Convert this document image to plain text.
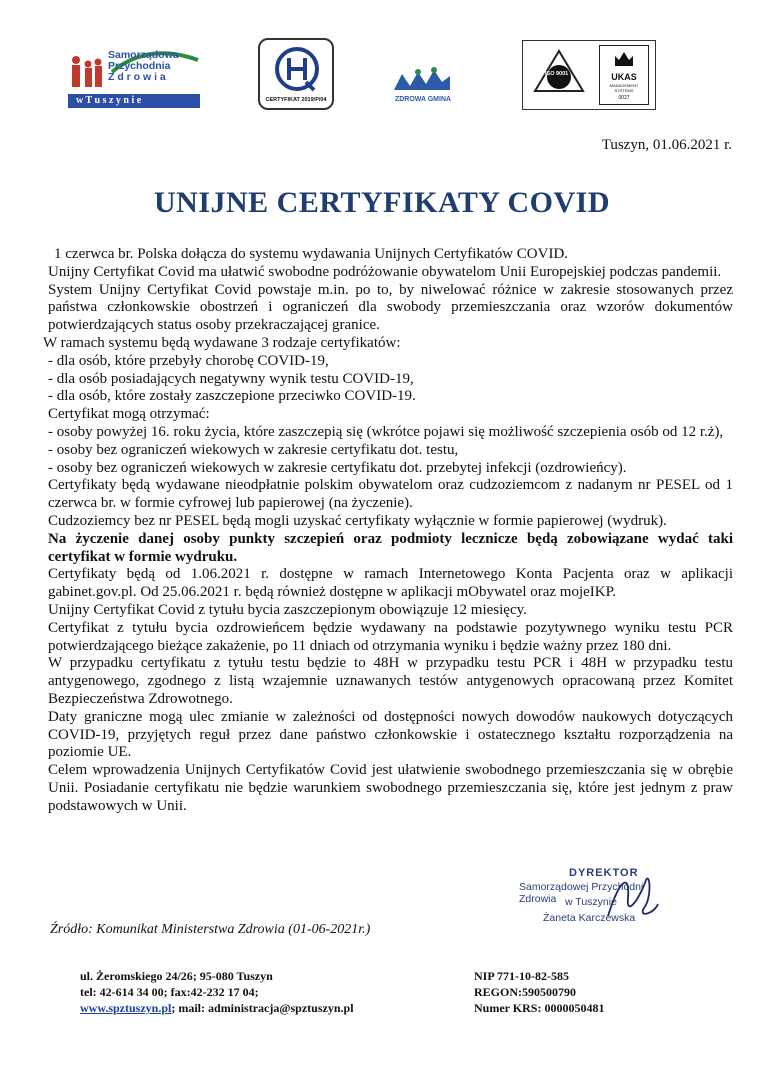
Samorządowa
Przychodnia
Z d r o w i a
w T u s z y n i e	CERTYFIKAT 2019/P/04	ZDROWA GMINA
ISO 9001	UKAS
MANAGEMENT SYSTEMS
0027
Tuszyn, 01.06.2021 r.
UNIJNE CERTYFIKATY COVID

1 czerwca br. Polska dołącza do systemu wydawania Unijnych Certyfikatów COVID.

Unijny Certyfikat Covid ma ułatwić swobodne podróżowanie obywatelom Unii Europejskiej podczas pandemii.

System Unijny Certyfikat Covid powstaje m.in. po to, by niwelować różnice w zakresie stosowanych przez państwa członkowskie obostrzeń i ograniczeń dla swobody przemieszczania oraz wzorów dokumentów potwierdzających status osoby przekraczającej granice.

W ramach systemu będą wydawane 3 rodzaje certyfikatów:

- dla osób, które przebyły chorobę COVID-19,

- dla osób posiadających negatywny wynik testu COVID-19,

- dla osób, które zostały zaszczepione przeciwko COVID-19.

Certyfikat mogą otrzymać:

- osoby powyżej 16. roku życia, które zaszczepią się (wkrótce pojawi się możliwość szczepienia osób od 12 r.ż),

- osoby bez ograniczeń wiekowych w zakresie certyfikatu dot. testu,

- osoby bez ograniczeń wiekowych w zakresie certyfikatu dot. przebytej infekcji (ozdrowieńcy).

Certyfikaty będą wydawane nieodpłatnie polskim obywatelom oraz cudzoziemcom z nadanym nr PESEL od 1 czerwca br. w formie cyfrowej lub papierowej (na życzenie).

Cudzoziemcy bez nr PESEL będą mogli uzyskać certyfikaty wyłącznie w formie papierowej (wydruk).

Na życzenie danej osoby punkty szczepień oraz podmioty lecznicze będą zobowiązane wydać taki certyfikat w formie wydruku.

Certyfikaty będą od 1.06.2021 r. dostępne w ramach Internetowego Konta Pacjenta oraz w aplikacji gabinet.gov.pl. Od 25.06.2021 r. będą również dostępne w aplikacji mObywatel oraz mojeIKP.

Unijny Certyfikat Covid z tytułu bycia zaszczepionym obowiązuje 12 miesięcy.

Certyfikat z tytułu bycia ozdrowieńcem będzie wydawany na podstawie pozytywnego wyniku testu PCR potwierdzającego bieżące zakażenie, po 11 dniach od otrzymania wyniku i będzie ważny przez 180 dni.

W przypadku certyfikatu z tytułu testu będzie to 48H w przypadku testu PCR i 48H w przypadku testu antygenowego, zgodnego z listą wzajemnie uznawanych testów antygenowych opracowaną przez Komitet Bezpieczeństwa Zdrowotnego.

Daty graniczne mogą ulec zmianie w zależności od dostępności nowych dowodów naukowych dotyczących COVID-19, przyjętych reguł przez dane państwo członkowskie i ostatecznego kształtu rozporządzenia na poziomie UE.

Celem wprowadzenia Unijnych Certyfikatów Covid jest ułatwienie swobodnego przemieszczania się w obrębie Unii. Posiadanie certyfikatu nie będzie warunkiem swobodnego przemieszczania się, które jest jednym z praw podstawowych w Unii.

DYREKTOR
Samorządowej Przychodni Zdrowia w Tuszynie
Żaneta Karczewska
Źródło: Komunikat Ministerstwa Zdrowia (01-06-2021r.)
ul. Żeromskiego 24/26; 95-080 Tuszyn
tel: 42-614 34 00; fax:42-232 17 04;
www.spztuszyn.pl; mail: administracja@spztuszyn.pl
NIP 771-10-82-585
REGON:590500790
Numer KRS: 0000050481
